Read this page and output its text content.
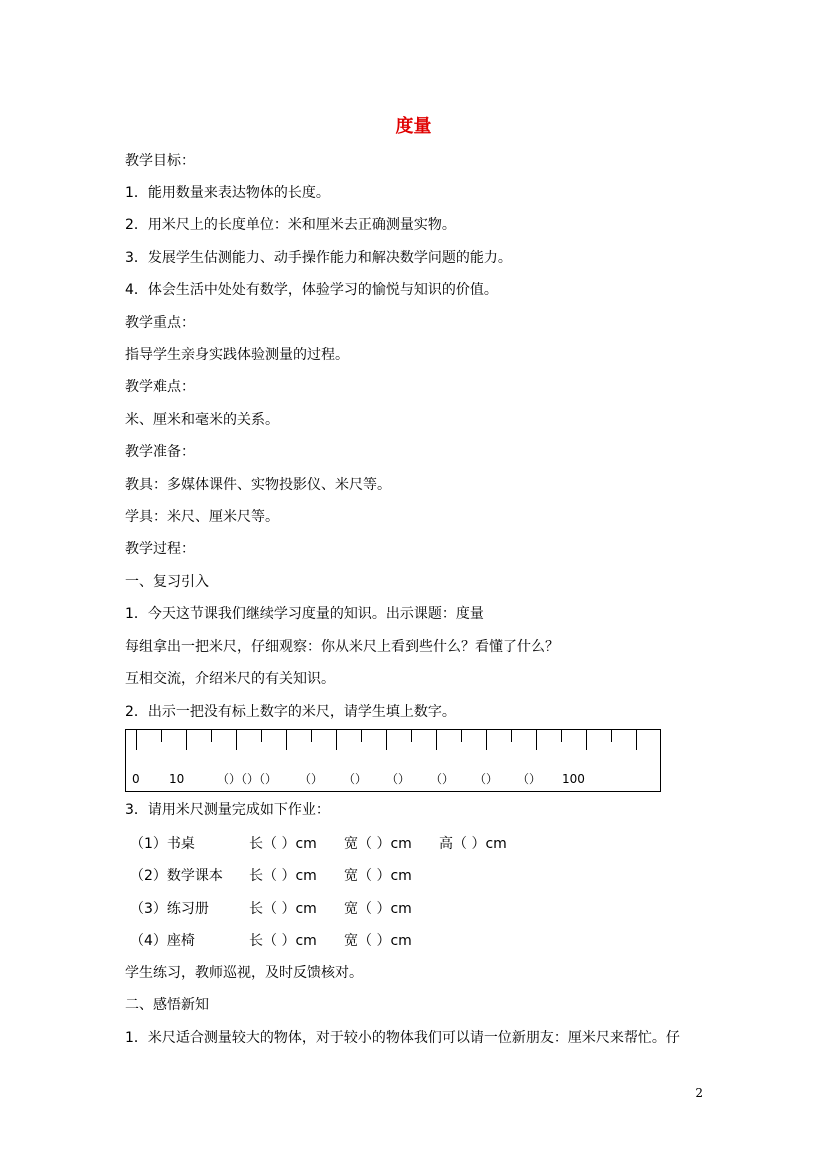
度量
教学目标：
1．能用数量来表达物体的长度。
2．用米尺上的长度单位：米和厘米去正确测量实物。
3．发展学生估测能力、动手操作能力和解决数学问题的能力。
4．体会生活中处处有数学，体验学习的愉悦与知识的价值。
教学重点：
指导学生亲身实践体验测量的过程。
教学难点：
米、厘米和毫米的关系。
教学准备：
教具：多媒体课件、实物投影仪、米尺等。
学具：米尺、厘米尺等。
教学过程：
一、复习引入
1．今天这节课我们继续学习度量的知识。出示课题：度量
每组拿出一把米尺，仔细观察：你从米尺上看到些什么？看懂了什么？
互相交流，介绍米尺的有关知识。
2．出示一把没有标上数字的米尺，请学生填上数字。
0 10	（）（）（） （） （） （） （） （） （） 100
3．请用米尺测量完成如下作业：
（1）书桌	长（ ）cm 宽（ ）cm 高（ ）cm
（2）数学课本 长（ ）cm 宽（ ）cm
（3）练习册	长（ ）cm 宽（ ）cm
（4）座椅	长（ ）cm 宽（ ）cm
学生练习，教师巡视，及时反馈核对。
二、感悟新知
1．米尺适合测量较大的物体，对于较小的物体我们可以请一位新朋友：厘米尺来帮忙。仔
2
